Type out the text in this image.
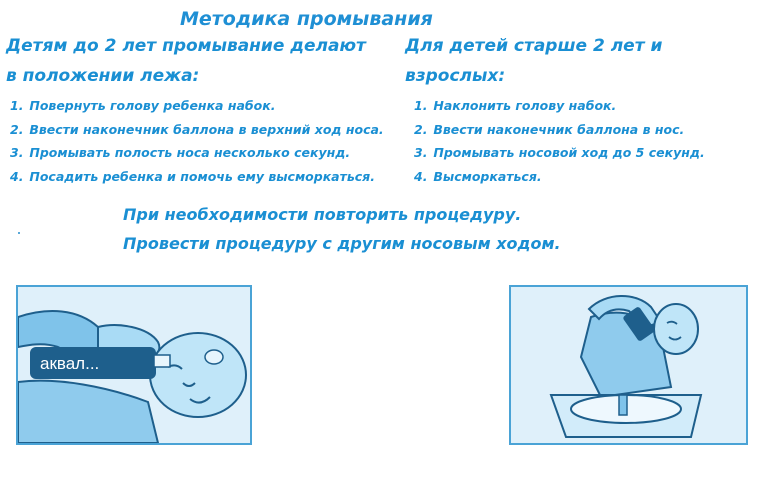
Методика промывания
Детям до 2 лет промывание делают
в положении лежа:
Для детей старше 2 лет и
взрослых:
1. Повернуть голову ребенка набок.
2. Ввести наконечник баллона в верхний ход носа.
3. Промывать полость носа несколько секунд.
4. Посадить ребенка и помочь ему высморкаться.
1. Наклонить голову набок.
2. Ввести наконечник баллона в нос.
3. Промывать носовой ход до 5 секунд.
4. Высморкаться.
При необходимости повторить процедуру.
Провести процедуру с другим носовым ходом.
аквал...
